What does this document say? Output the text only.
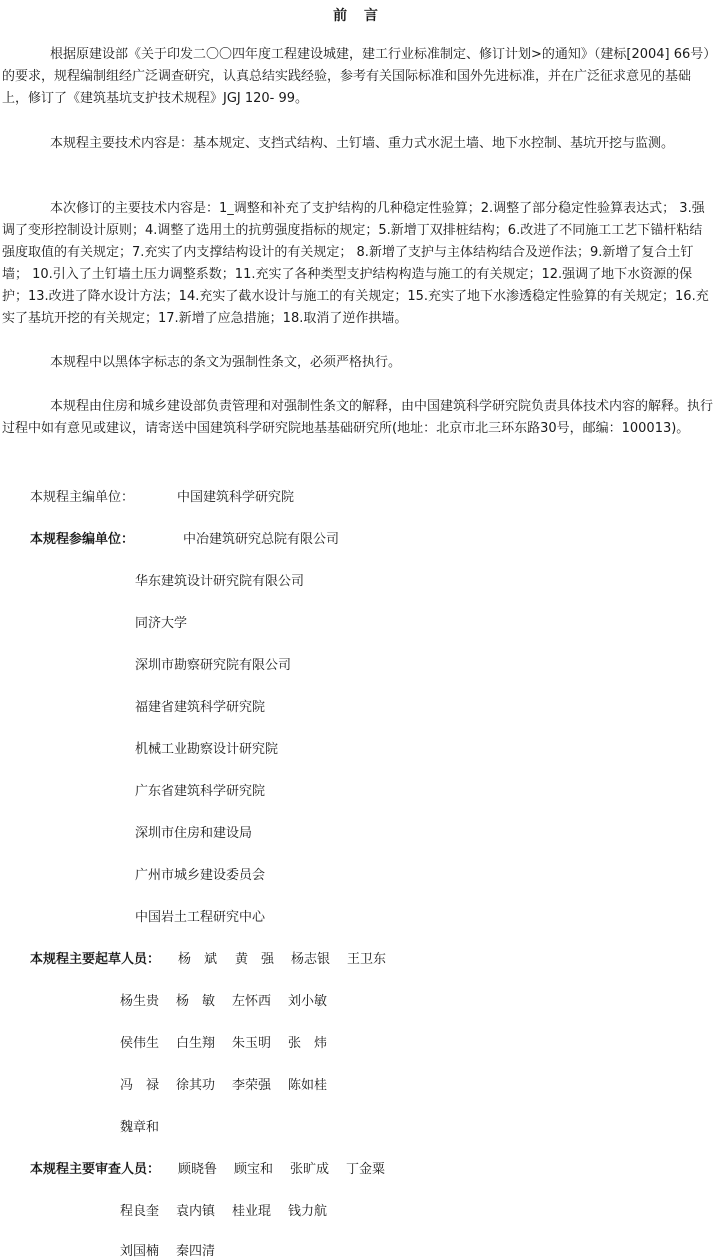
前 言

根据原建设部《关于印发二〇〇四年度工程建设城建，建工行业标准制定、修订计划>的通知》（建标[2004] 66号）的要求，规程编制组经广泛调查研究，认真总结实践经验，参考有关国际标准和国外先进标准，并在广泛征求意见的基础上，修订了《建筑基坑支护技术规程》JGJ 120- 99。

本规程主要技术内容是：基本规定、支挡式结构、土钉墙、重力式水泥土墙、地下水控制、基坑开挖与监测。

本次修订的主要技术内容是：1_调整和补充了支护结构的几种稳定性验算；2.调整了部分稳定性验算表达式； 3.强调了变形控制设计原则；4.调整了选用土的抗剪强度指标的规定；5.新增丁双排桩结构；6.改进了不同施工工艺下锚杆粘结强度取值的有关规定；7.充实了内支撑结构设计的有关规定； 8.新增了支护与主体结构结合及逆作法；9.新增了复合土钉墙； 10.引入了土钉墙土压力调整系数；11.充实了各种类型支护结构构造与施工的有关规定；12.强调了地下水资源的保护；13.改进了降水设计方法；14.充实了截水设计与施工的有关规定；15.充实了地下水渗透稳定性验算的有关规定；16.充实了基坑开挖的有关规定；17.新增了应急措施；18.取消了逆作拱墙。

本规程中以黑体字标志的条文为强制性条文，必须严格执行。

本规程由住房和城乡建设部负责管理和对强制性条文的解释，由中国建筑科学研究院负责具体技术内容的解释。执行过程中如有意见或建议，请寄送中国建筑科学研究院地基基础研究所(地址：北京市北三环东路30号，邮编：100013)。

本规程主编单位：	中国建筑科学研究院
本规程参编单位：	中冶建筑研究总院有限公司
华东建筑设计研究院有限公司
同济大学
深圳市勘察研究院有限公司
福建省建筑科学研究院
机械工业勘察设计研究院
广东省建筑科学研究院
深圳市住房和建设局
广州市城乡建设委员会
中国岩土工程研究中心
本规程主要起草人员： 杨　斌 黄　强 杨志银 王卫东
杨生贵 杨　敏 左怀西 刘小敏
侯伟生 白生翔 朱玉明 张　炜
冯　禄 徐其功 李荣强 陈如桂
魏章和
本规程主要审查人员： 顾晓鲁 顾宝和 张旷成 丁金粟
程良奎 袁内镇 桂业琨 钱力航
刘国楠 秦四清
